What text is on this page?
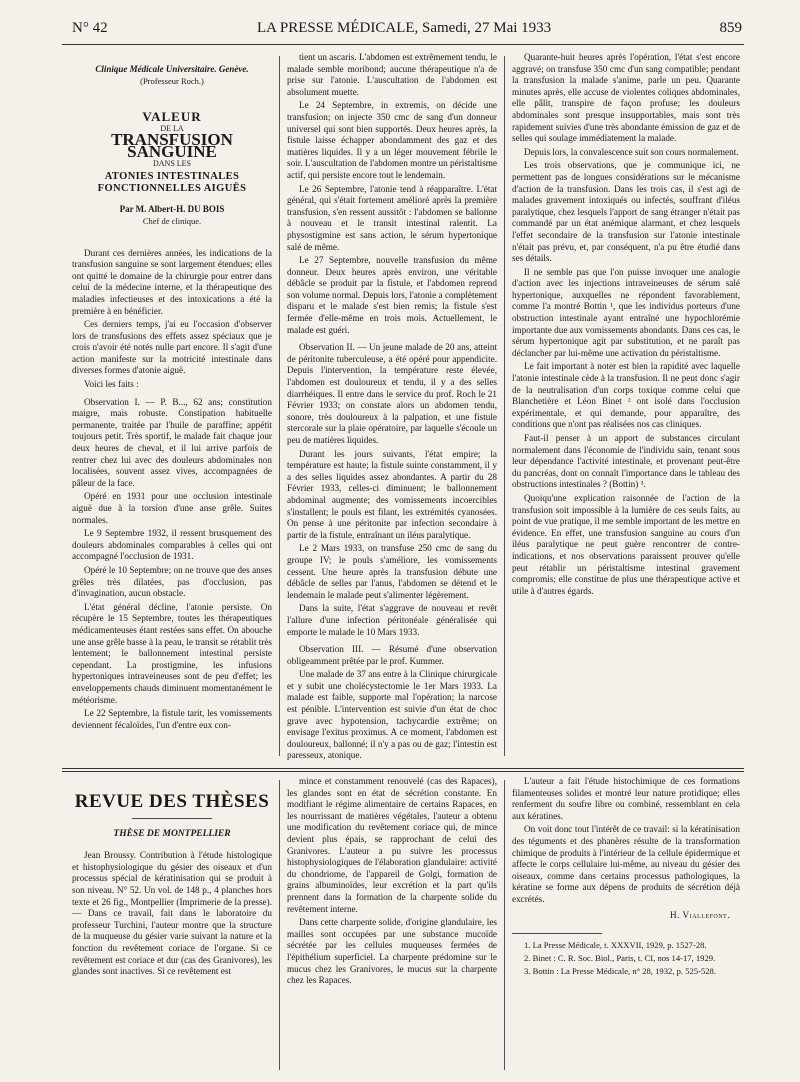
N° 42	LA PRESSE MÉDICALE, Samedi, 27 Mai 1933	859
Clinique Médicale Universitaire. Genève.
(Professeur Roch.)
VALEUR
DE LA
TRANSFUSION SANGUINE
DANS LES
ATONIES INTESTINALES
FONCTIONNELLES AIGUËS
Par M. Albert-H. DU BOIS
Chef de clinique.

Durant ces dernières années, les indications de la transfusion sanguine se sont largement étendues; elles ont quitté le domaine de la chirurgie pour entrer dans celui de la médecine interne, et la thérapeutique des maladies infectieuses et des intoxications a été la première à en bénéficier.

Ces derniers temps, j'ai eu l'occasion d'observer lors de transfusions des effets assez spéciaux que je crois n'avoir été notés nulle part encore. Il s'agit d'une action manifeste sur la motricité intestinale dans diverses formes d'atonie aiguë.

Voici les faits :

Observation I. — P. B..., 62 ans; constitution maigre, mais robuste. Constipation habituelle permanente, traitée par l'huile de paraffine; appétit toujours petit. Très sportif, le malade fait chaque jour deux heures de cheval, et il lui arrive parfois de rentrer chez lui avec des douleurs abdominales non localisées, souvent assez vives, accompagnées de pâleur de la face.

Opéré en 1931 pour une occlusion intestinale aiguë due à la torsion d'une anse grêle. Suites normales.

Le 9 Septembre 1932, il ressent brusquement des douleurs abdominales comparables à celles qui ont accompagné l'occlusion de 1931.

Opéré le 10 Septembre; on ne trouve que des anses grêles très dilatées, pas d'occlusion, pas d'invagination, aucun obstacle.

L'état général décline, l'atonie persiste. On récupère le 15 Septembre, toutes les thérapeutiques médicamenteuses étant restées sans effet. On abouche une anse grêle basse à la peau, le transit se rétablit très lentement; le ballonnement intestinal persiste cependant. La prostigmine, les infusions hypertoniques intraveineuses sont de peu d'effet; les enveloppements chauds diminuent momentanément le météorisme.

Le 22 Septembre, la fistule tarit, les vomissements deviennent fécaloïdes, l'un d'entre eux con-

tient un ascaris. L'abdomen est extrêmement tendu, le malade semble moribond; aucune thérapeutique n'a de prise sur l'atonie. L'auscultation de l'abdomen est absolument muette.

Le 24 Septembre, in extremis, on décide une transfusion; on injecte 350 cmc de sang d'un donneur universel qui sont bien supportés. Deux heures après, la fistule laisse échapper abondamment des gaz et des matières liquides. Il y a un léger mouvement fébrile le soir. L'auscultation de l'abdomen montre un péristaltisme actif, qui persiste encore tout le lendemain.

Le 26 Septembre, l'atonie tend à réapparaître. L'état général, qui s'était fortement amélioré après la première transfusion, s'en ressent aussitôt : l'abdomen se ballonne à nouveau et le transit intestinal ralentit. La physostigmine est sans action, le sérum hypertonique salé de même.

Le 27 Septembre, nouvelle transfusion du même donneur. Deux heures après environ, une véritable débâcle se produit par la fistule, et l'abdomen reprend son volume normal. Depuis lors, l'atonie a complètement disparu et le malade s'est bien remis; la fistule s'est fermée d'elle-même en trois mois. Actuellement, le malade est guéri.

Observation II. — Un jeune malade de 20 ans, atteint de péritonite tuberculeuse, a été opéré pour appendicite. Depuis l'intervention, la température reste élevée, l'abdomen est douloureux et tendu, il y a des selles diarrhéiques. Il entre dans le service du prof. Roch le 21 Février 1933; on constate alors un abdomen tendu, sonore, très douloureux à la palpation, et une fistule stercorale sur la plaie opératoire, par laquelle s'écoule un peu de matières liquides.

Durant les jours suivants, l'état empire; la température est haute; la fistule suinte constamment, il y a des selles liquides assez abondantes. A partir du 28 Février 1933, celles-ci diminuent; le ballonnement abdominal augmente; des vomissements incoercibles s'installent; le pouls est filant, les extrémités cyanosées. On pense à une péritonite par infection secondaire à partir de la fistule, entraînant un iléus paralytique.

Le 2 Mars 1933, on transfuse 250 cmc de sang du groupe IV; le pouls s'améliore, les vomissements cessent. Une heure après la transfusion débute une débâcle de selles par l'anus, l'abdomen se détend et le lendemain le malade peut s'alimenter légèrement.

Dans la suite, l'état s'aggrave de nouveau et revêt l'allure d'une infection péritonéale généralisée qui emporte le malade le 10 Mars 1933.

Observation III. — Résumé d'une observation obligeamment prêtée par le prof. Kummer.

Une malade de 37 ans entre à la Clinique chirurgicale et y subit une cholécystectomie le 1er Mars 1933. La malade est faible, supporte mal l'opération; la narcose est pénible. L'intervention est suivie d'un état de choc grave avec hypotension, tachycardie extrême; on envisage l'exitus proximus. A ce moment, l'abdomen est douloureux, ballonné; il n'y a pas ou de gaz; l'intestin est paresseux, atonique.

Quarante-huit heures après l'opération, l'état s'est encore aggravé; on transfuse 350 cmc d'un sang compatible; pendant la transfusion la malade s'anime, parle un peu. Quarante minutes après, elle accuse de violentes coliques abdominales, elle pâlit, transpire de façon profuse; les douleurs abdominales sont presque insupportables, mais sont très rapidement suivies d'une très abondante émission de gaz et de selles qui soulage immédiatement la malade.

Depuis lors, la convalescence suit son cours normalement.

Les trois observations, que je communique ici, ne permettent pas de longues considérations sur le mécanisme d'action de la transfusion. Dans les trois cas, il s'est agi de malades gravement intoxiqués ou infectés, souffrant d'iléus paralytique, chez lesquels l'apport de sang étranger n'était pas commandé par un état anémique alarmant, et chez lesquels l'effet secondaire de la transfusion sur l'atonie intestinale n'était pas prévu, et, par conséquent, n'a pu être étudié dans ses détails.

Il ne semble pas que l'on puisse invoquer une analogie d'action avec les injections intraveineuses de sérum salé hypertonique, auxquelles ne répondent favorablement, comme l'a montré Bottin ¹, que les individus porteurs d'une obstruction intestinale ayant entraîné une hypochlorémie importante due aux vomissements abondants. Dans ces cas, le sérum hypertonique agit par substitution, et ne paraît pas déclancher par lui-même une activation du péristaltisme.

Le fait important à noter est bien la rapidité avec laquelle l'atonie intestinale cède à la transfusion. Il ne peut donc s'agir de la neutralisation d'un corps toxique comme celui que Blanchetière et Léon Binet ² ont isolé dans l'occlusion expérimentale, et qui demande, pour apparaître, des conditions que n'ont pas réalisées nos cas cliniques.

Faut-il penser à un apport de substances circulant normalement dans l'économie de l'individu sain, tenant sous leur dépendance l'activité intestinale, et provenant peut-être du pancréas, dont on connaît l'importance dans le tableau des obstructions intestinales ? (Bottin) ³.

Quoiqu'une explication raisonnée de l'action de la transfusion soit impossible à la lumière de ces seuls faits, au point de vue pratique, il me semble important de les mettre en évidence. En effet, une transfusion sanguine au cours d'un iléus paralytique ne peut guère rencontrer de contre-indications, et nos observations paraissent prouver qu'elle peut rétablir un péristaltisme intestinal gravement compromis; elle constitue de plus une thérapeutique active et utile à d'autres égards.

REVUE DES THÈSES
THÈSE DE MONTPELLIER

Jean Broussy. Contribution à l'étude histologique et histophysiologique du gésier des oiseaux et d'un processus spécial de kératinisation qui se produit à son niveau. N° 52. Un vol. de 148 p., 4 planches hors texte et 26 fig., Montpellier (Imprimerie de la presse). — Dans ce travail, fait dans le laboratoire du professeur Turchini, l'auteur montre que la structure de la muqueuse du gésier varie suivant la nature et la fonction du revêtement coriace de l'organe. Si ce revêtement est coriace et dur (cas des Granivores), les glandes sont inactives. Si ce revêtement est

mince et constamment renouvelé (cas des Rapaces), les glandes sont en état de sécrétion constante. En modifiant le régime alimentaire de certains Rapaces, en les nourrissant de matières végétales, l'auteur a obtenu une modification du revêtement coriace qui, de mince devient plus épais, se rapprochant de celui des Granivores. L'auteur a pu suivre les processus histophysiologiques de l'élaboration glandulaire: activité du chondriome, de l'appareil de Golgi, formation de grains albuminoïdes, leur excrétion et la part qu'ils prennent dans la formation de la charpente solide du revêtement interne.

Dans cette charpente solide, d'origine glandulaire, les mailles sont occupées par une substance mucoïde sécrétée par les cellules muqueuses fermées de l'épithélium superficiel. La charpente prédomine sur le mucus chez les Granivores, le mucus sur la charpente chez les Rapaces.

L'auteur a fait l'étude histochimique de ces formations filamenteuses solides et montré leur nature protidique; elles renferment du soufre libre ou combiné, ressemblant en cela aux kératines.

On voit donc tout l'intérêt de ce travail: si la kératinisation des téguments et des phanères résulte de la transformation chimique de produits à l'intérieur de la cellule épidermique et affecte le corps cellulaire lui-même, au niveau du gésier des oiseaux, comme dans certains processus pathologiques, la kératine se forme aux dépens de produits de sécrétion déjà excrétés.

H. Viallefont.

1. La Presse Médicale, t. XXXVII, 1929, p. 1527-28.

2. Binet : C. R. Soc. Biol., Paris, t. CI, nos 14-17, 1929.

3. Bottin : La Presse Médicale, n° 28, 1932, p. 525-528.
